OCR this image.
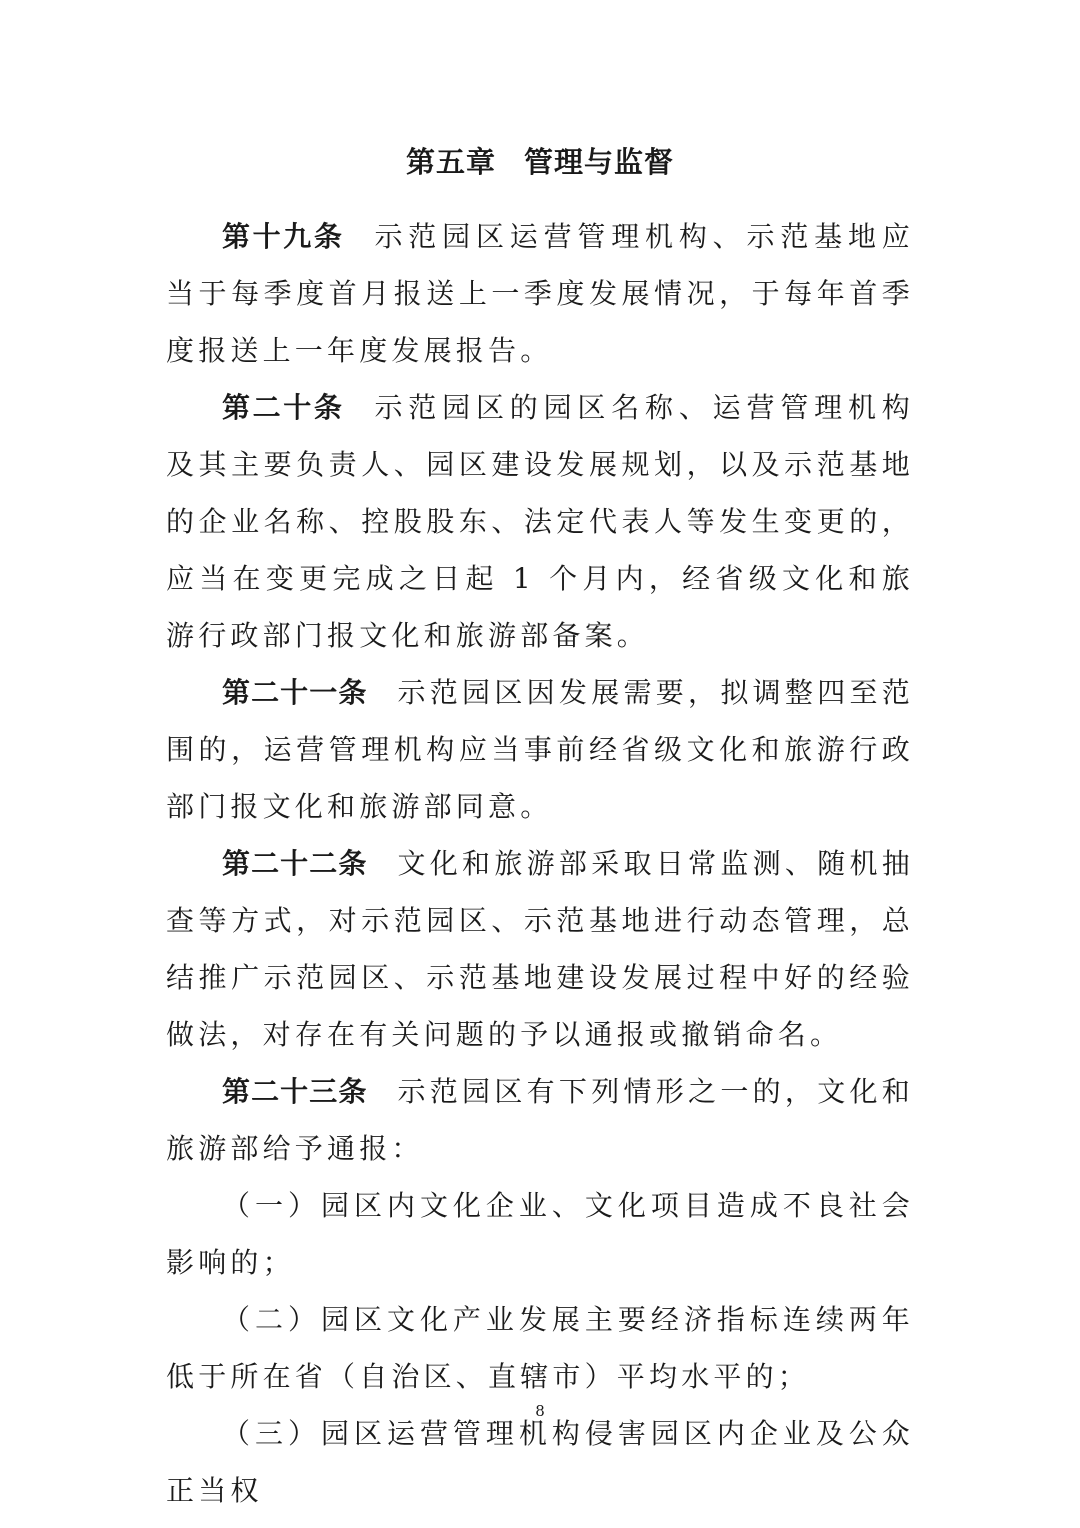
第五章 管理与监督

第十九条 示范园区运营管理机构、示范基地应当于每季度首月报送上一季度发展情况，于每年首季度报送上一年度发展报告。

第二十条 示范园区的园区名称、运营管理机构及其主要负责人、园区建设发展规划，以及示范基地的企业名称、控股股东、法定代表人等发生变更的，应当在变更完成之日起 1 个月内，经省级文化和旅游行政部门报文化和旅游部备案。

第二十一条 示范园区因发展需要，拟调整四至范围的，运营管理机构应当事前经省级文化和旅游行政部门报文化和旅游部同意。

第二十二条 文化和旅游部采取日常监测、随机抽查等方式，对示范园区、示范基地进行动态管理，总结推广示范园区、示范基地建设发展过程中好的经验做法，对存在有关问题的予以通报或撤销命名。

第二十三条 示范园区有下列情形之一的，文化和旅游部给予通报：

（一）园区内文化企业、文化项目造成不良社会影响的；

（二）园区文化产业发展主要经济指标连续两年低于所在省（自治区、直辖市）平均水平的；

（三）园区运营管理机构侵害园区内企业及公众正当权

8
